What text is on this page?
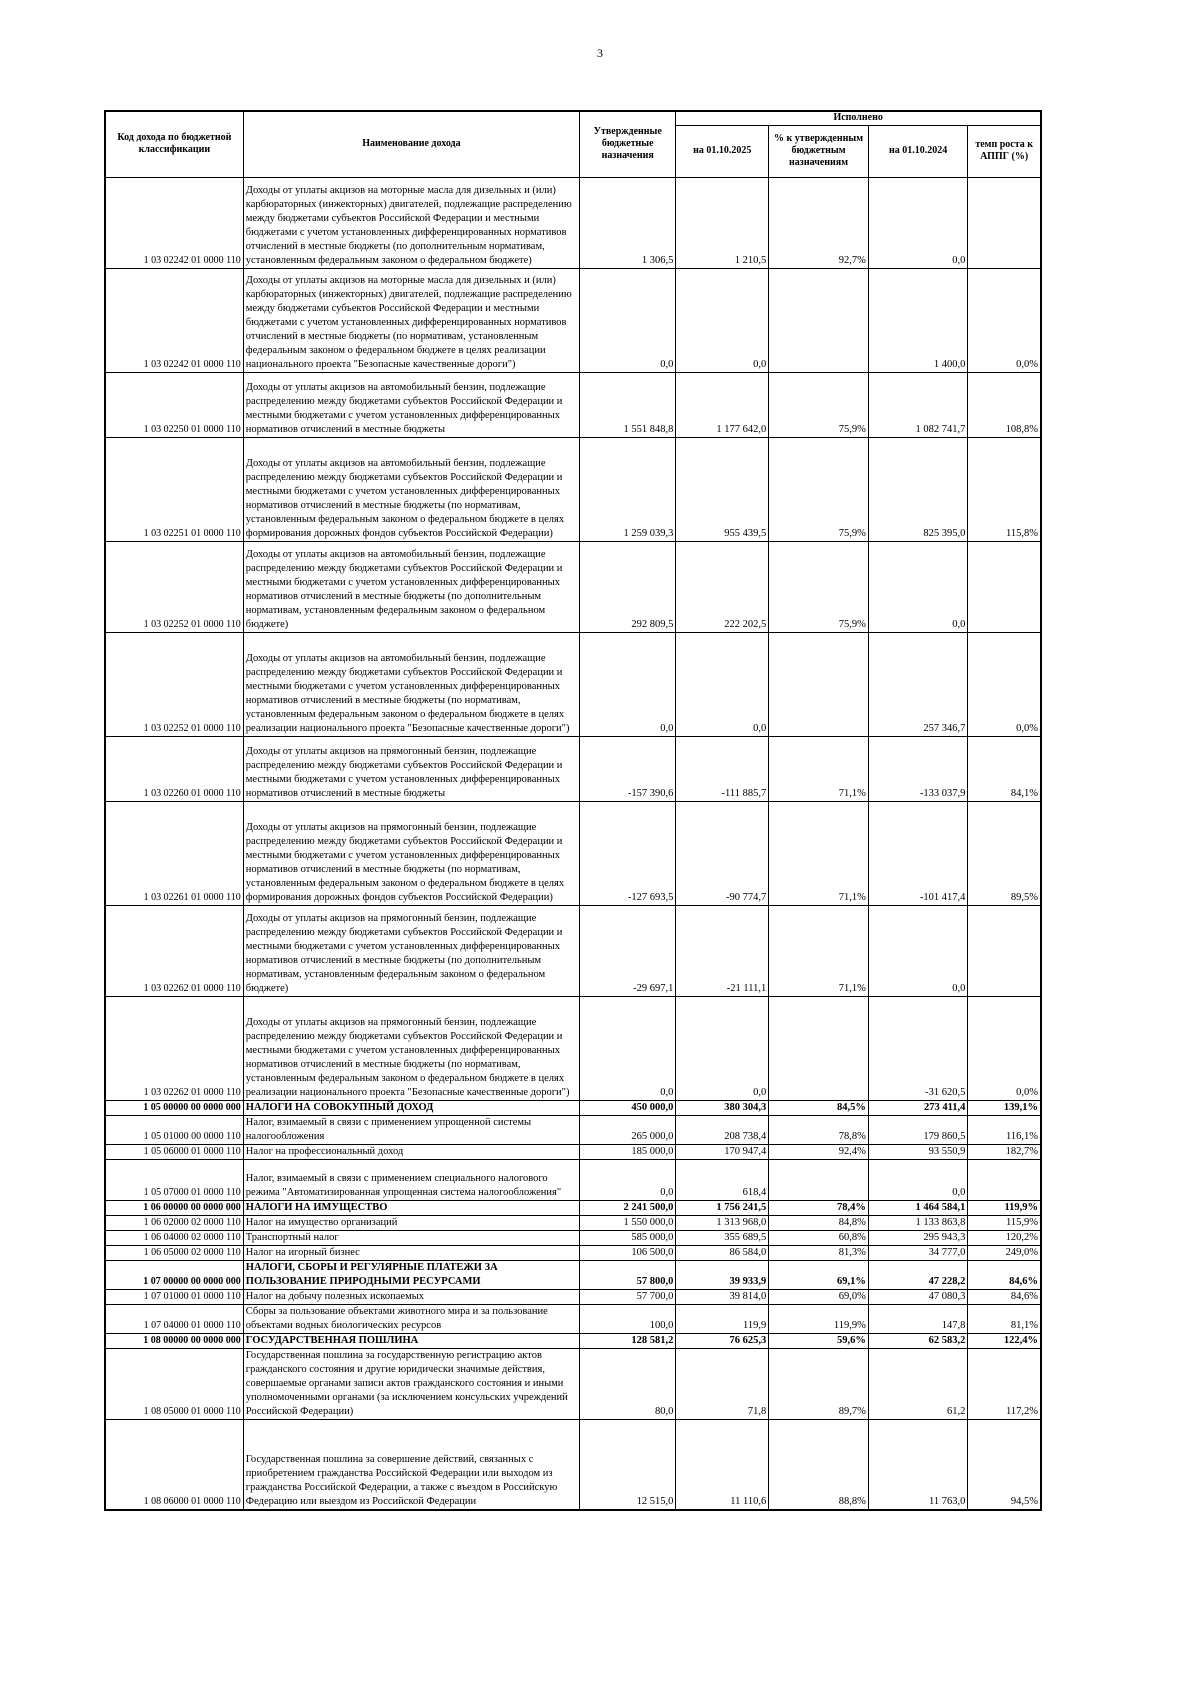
3
Код дохода по бюджетной классификации	Наименование дохода	Утвержденные бюджетные назначения	Исполнено			
			на 01.10.2025	% к утвержденным бюджетным назначениям	на 01.10.2024	темп роста к АППГ (%)
1 03 02242 01 0000 110	Доходы от уплаты акцизов на моторные масла для дизельных и (или) карбюраторных (инжекторных) двигателей, подлежащие распределению между бюджетами субъектов Российской Федерации и местными бюджетами с учетом установленных дифференцированных нормативов отчислений в местные бюджеты (по дополнительным нормативам, установленным федеральным законом о федеральном бюджете)	1 306,5	1 210,5	92,7%	0,0	
1 03 02242 01 0000 110	Доходы от уплаты акцизов на моторные масла для дизельных и (или) карбюраторных (инжекторных) двигателей, подлежащие распределению между бюджетами субъектов Российской Федерации и местными бюджетами с учетом установленных дифференцированных нормативов отчислений в местные бюджеты (по нормативам, установленным федеральным законом о федеральном бюджете в целях реализации национального проекта "Безопасные качественные дороги")	0,0	0,0		1 400,0	0,0%
1 03 02250 01 0000 110	Доходы от уплаты акцизов на автомобильный бензин, подлежащие распределению между бюджетами субъектов Российской Федерации и местными бюджетами с учетом установленных дифференцированных нормативов отчислений в местные бюджеты	1 551 848,8	1 177 642,0	75,9%	1 082 741,7	108,8%
1 03 02251 01 0000 110	Доходы от уплаты акцизов на автомобильный бензин, подлежащие распределению между бюджетами субъектов Российской Федерации и местными бюджетами с учетом установленных дифференцированных нормативов отчислений в местные бюджеты (по нормативам, установленным федеральным законом о федеральном бюджете в целях формирования дорожных фондов субъектов Российской Федерации)	1 259 039,3	955 439,5	75,9%	825 395,0	115,8%
1 03 02252 01 0000 110	Доходы от уплаты акцизов на автомобильный бензин, подлежащие распределению между бюджетами субъектов Российской Федерации и местными бюджетами с учетом установленных дифференцированных нормативов отчислений в местные бюджеты (по дополнительным нормативам, установленным федеральным законом о федеральном бюджете)	292 809,5	222 202,5	75,9%	0,0	
1 03 02252 01 0000 110	Доходы от уплаты акцизов на автомобильный бензин, подлежащие распределению между бюджетами субъектов Российской Федерации и местными бюджетами с учетом установленных дифференцированных нормативов отчислений в местные бюджеты (по нормативам, установленным федеральным законом о федеральном бюджете в целях реализации национального проекта "Безопасные качественные дороги")	0,0	0,0		257 346,7	0,0%
1 03 02260 01 0000 110	Доходы от уплаты акцизов на прямогонный бензин, подлежащие распределению между бюджетами субъектов Российской Федерации и местными бюджетами с учетом установленных дифференцированных нормативов отчислений в местные бюджеты	-157 390,6	-111 885,7	71,1%	-133 037,9	84,1%
1 03 02261 01 0000 110	Доходы от уплаты акцизов на прямогонный бензин, подлежащие распределению между бюджетами субъектов Российской Федерации и местными бюджетами с учетом установленных дифференцированных нормативов отчислений в местные бюджеты (по нормативам, установленным федеральным законом о федеральном бюджете в целях формирования дорожных фондов субъектов Российской Федерации)	-127 693,5	-90 774,7	71,1%	-101 417,4	89,5%
1 03 02262 01 0000 110	Доходы от уплаты акцизов на прямогонный бензин, подлежащие распределению между бюджетами субъектов Российской Федерации и местными бюджетами с учетом установленных дифференцированных нормативов отчислений в местные бюджеты (по дополнительным нормативам, установленным федеральным законом о федеральном бюджете)	-29 697,1	-21 111,1	71,1%	0,0	
1 03 02262 01 0000 110	Доходы от уплаты акцизов на прямогонный бензин, подлежащие распределению между бюджетами субъектов Российской Федерации и местными бюджетами с учетом установленных дифференцированных нормативов отчислений в местные бюджеты (по нормативам, установленным федеральным законом о федеральном бюджете в целях реализации национального проекта "Безопасные качественные дороги")	0,0	0,0		-31 620,5	0,0%
1 05 00000 00 0000 000	НАЛОГИ НА СОВОКУПНЫЙ ДОХОД	450 000,0	380 304,3	84,5%	273 411,4	139,1%
1 05 01000 00 0000 110	Налог, взимаемый в связи с применением упрощенной системы налогообложения	265 000,0	208 738,4	78,8%	179 860,5	116,1%
1 05 06000 01 0000 110	Налог на профессиональный доход	185 000,0	170 947,4	92,4%	93 550,9	182,7%
1 05 07000 01 0000 110	Налог, взимаемый в связи с применением специального налогового режима "Автоматизированная упрощенная система налогообложения"	0,0	618,4		0,0	
1 06 00000 00 0000 000	НАЛОГИ НА ИМУЩЕСТВО	2 241 500,0	1 756 241,5	78,4%	1 464 584,1	119,9%
1 06 02000 02 0000 110	Налог на имущество организаций	1 550 000,0	1 313 968,0	84,8%	1 133 863,8	115,9%
1 06 04000 02 0000 110	Транспортный налог	585 000,0	355 689,5	60,8%	295 943,3	120,2%
1 06 05000 02 0000 110	Налог на игорный бизнес	106 500,0	86 584,0	81,3%	34 777,0	249,0%
1 07 00000 00 0000 000	НАЛОГИ, СБОРЫ И РЕГУЛЯРНЫЕ ПЛАТЕЖИ ЗА ПОЛЬЗОВАНИЕ ПРИРОДНЫМИ РЕСУРСАМИ	57 800,0	39 933,9	69,1%	47 228,2	84,6%
1 07 01000 01 0000 110	Налог на добычу полезных ископаемых	57 700,0	39 814,0	69,0%	47 080,3	84,6%
1 07 04000 01 0000 110	Сборы за пользование объектами животного мира и за пользование объектами водных биологических ресурсов	100,0	119,9	119,9%	147,8	81,1%
1 08 00000 00 0000 000	ГОСУДАРСТВЕННАЯ ПОШЛИНА	128 581,2	76 625,3	59,6%	62 583,2	122,4%
1 08 05000 01 0000 110	Государственная пошлина за государственную регистрацию актов гражданского состояния и другие юридически значимые действия, совершаемые органами записи актов гражданского состояния и иными уполномоченными органами (за исключением консульских учреждений Российской Федерации)	80,0	71,8	89,7%	61,2	117,2%
1 08 06000 01 0000 110	Государственная пошлина за совершение действий, связанных с приобретением гражданства Российской Федерации или выходом из гражданства Российской Федерации, а также с въездом в Российскую Федерацию или выездом из Российской Федерации	12 515,0	11 110,6	88,8%	11 763,0	94,5%
